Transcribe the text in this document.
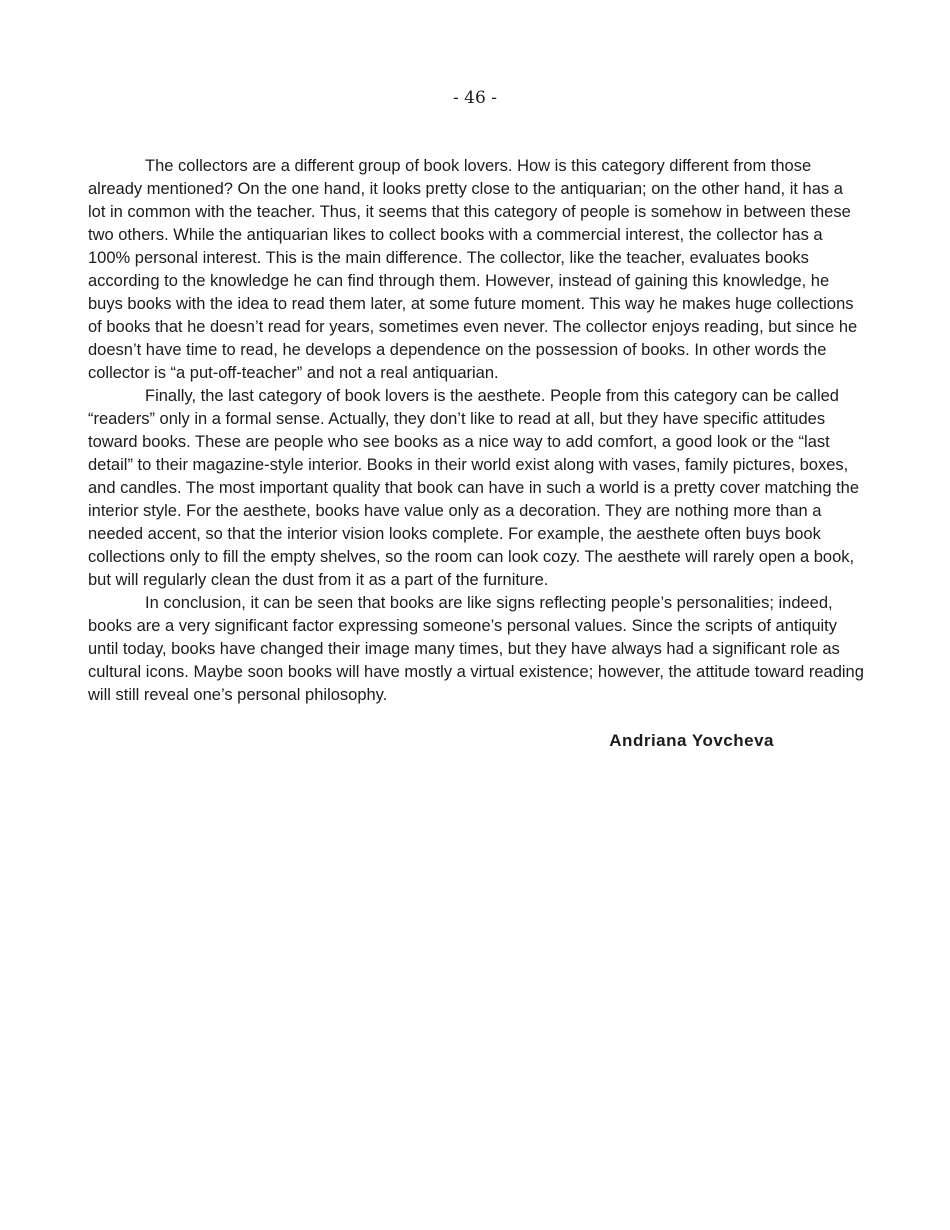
- 46 -

The collectors are a different group of book lovers. How is this category different from those already mentioned? On the one hand, it looks pretty close to the antiquarian; on the other hand, it has a lot in common with the teacher. Thus, it seems that this category of people is somehow in between these two others. While the antiquarian likes to collect books with a commercial interest, the collector has a 100% personal interest. This is the main difference. The collector, like the teacher, evaluates books according to the knowledge he can find through them. However, instead of gaining this knowledge, he buys books with the idea to read them later, at some future moment. This way he makes huge collections of books that he doesn’t read for years, sometimes even never. The collector enjoys reading, but since he doesn’t have time to read, he develops a dependence on the possession of books. In other words the collector is “a put-off-teacher” and not a real antiquarian.

Finally, the last category of book lovers is the aesthete. People from this category can be called “readers” only in a formal sense. Actually, they don’t like to read at all, but they have specific attitudes toward books. These are people who see books as a nice way to add comfort, a good look or the “last detail” to their magazine-style interior. Books in their world exist along with vases, family pictures, boxes, and candles. The most important quality that book can have in such a world is a pretty cover matching the interior style. For the aesthete, books have value only as a decoration. They are nothing more than a needed accent, so that the interior vision looks complete. For example, the aesthete often buys book collections only to fill the empty shelves, so the room can look cozy. The aesthete will rarely open a book, but will regularly clean the dust from it as a part of the furniture.

In conclusion, it can be seen that books are like signs reflecting people’s personalities; indeed, books are a very significant factor expressing someone’s personal values. Since the scripts of antiquity until today, books have changed their image many times, but they have always had a significant role as cultural icons. Maybe soon books will have mostly a virtual existence; however, the attitude toward reading will still reveal one’s personal philosophy.

Andriana Yovcheva
